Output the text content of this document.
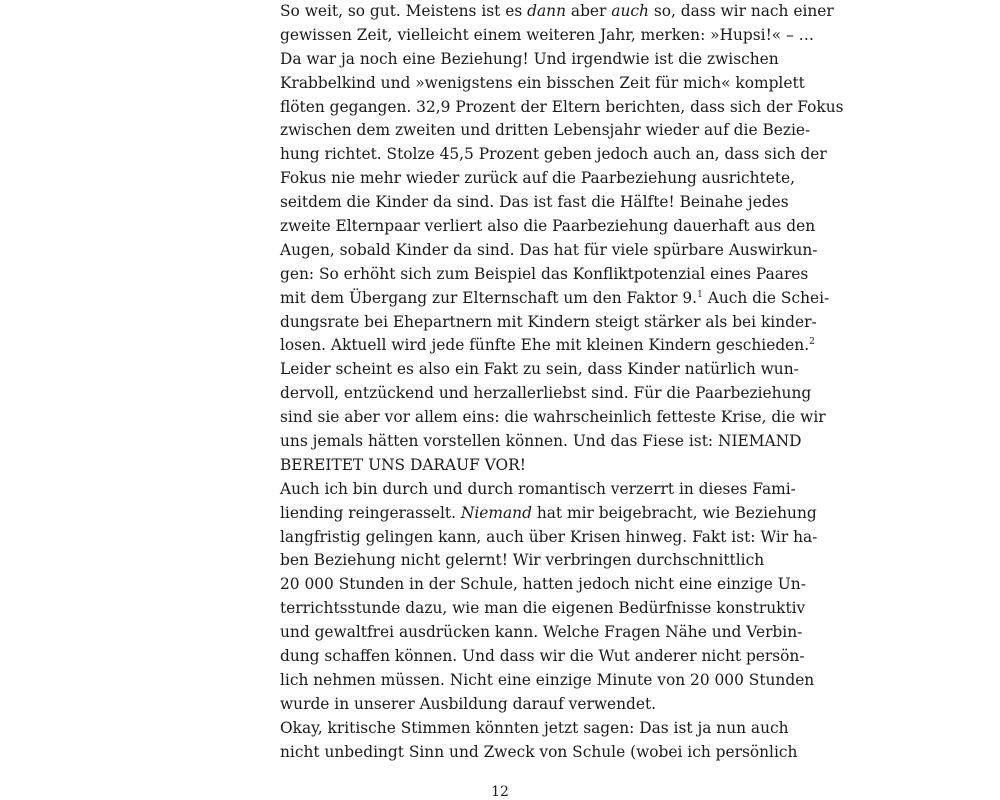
So weit, so gut. Meistens ist es dann aber auch so, dass wir nach einer
gewissen Zeit, vielleicht einem weiteren Jahr, merken: »Hupsi!« – …
Da war ja noch eine Beziehung! Und irgendwie ist die zwischen
Krabbelkind und »wenigstens ein bisschen Zeit für mich« komplett
flöten gegangen. 32,9 Prozent der Eltern berichten, dass sich der Fokus
zwischen dem zweiten und dritten Lebensjahr wieder auf die Bezie-
hung richtet. Stolze 45,5 Prozent geben jedoch auch an, dass sich der
Fokus nie mehr wieder zurück auf die Paarbeziehung ausrichtete,
seitdem die Kinder da sind. Das ist fast die Hälfte! Beinahe jedes
zweite Elternpaar verliert also die Paarbeziehung dauerhaft aus den
Augen, sobald Kinder da sind. Das hat für viele spürbare Auswirkun-
gen: So erhöht sich zum Beispiel das Konfliktpotenzial eines Paares
mit dem Übergang zur Elternschaft um den Faktor 9.$^1$ Auch die Schei-
dungsrate bei Ehepartnern mit Kindern steigt stärker als bei kinder-
losen. Aktuell wird jede fünfte Ehe mit kleinen Kindern geschieden.$^2$
Leider scheint es also ein Fakt zu sein, dass Kinder natürlich wun-
dervoll, entzückend und herzallerliebst sind. Für die Paarbeziehung
sind sie aber vor allem eins: die wahrscheinlich fetteste Krise, die wir
uns jemals hätten vorstellen können. Und das Fiese ist: NIEMAND
BEREITET UNS DARAUF VOR!
Auch ich bin durch und durch romantisch verzerrt in dieses Fami-
liending reingerasselt. Niemand hat mir beigebracht, wie Beziehung
langfristig gelingen kann, auch über Krisen hinweg. Fakt ist: Wir ha-
ben Beziehung nicht gelernt! Wir verbringen durchschnittlich
20 000 Stunden in der Schule, hatten jedoch nicht eine einzige Un-
terrichtsstunde dazu, wie man die eigenen Bedürfnisse konstruktiv
und gewaltfrei ausdrücken kann. Welche Fragen Nähe und Verbin-
dung schaffen können. Und dass wir die Wut anderer nicht persön-
lich nehmen müssen. Nicht eine einzige Minute von 20 000 Stunden
wurde in unserer Ausbildung darauf verwendet.
Okay, kritische Stimmen könnten jetzt sagen: Das ist ja nun auch
nicht unbedingt Sinn und Zweck von Schule (wobei ich persönlich
12
